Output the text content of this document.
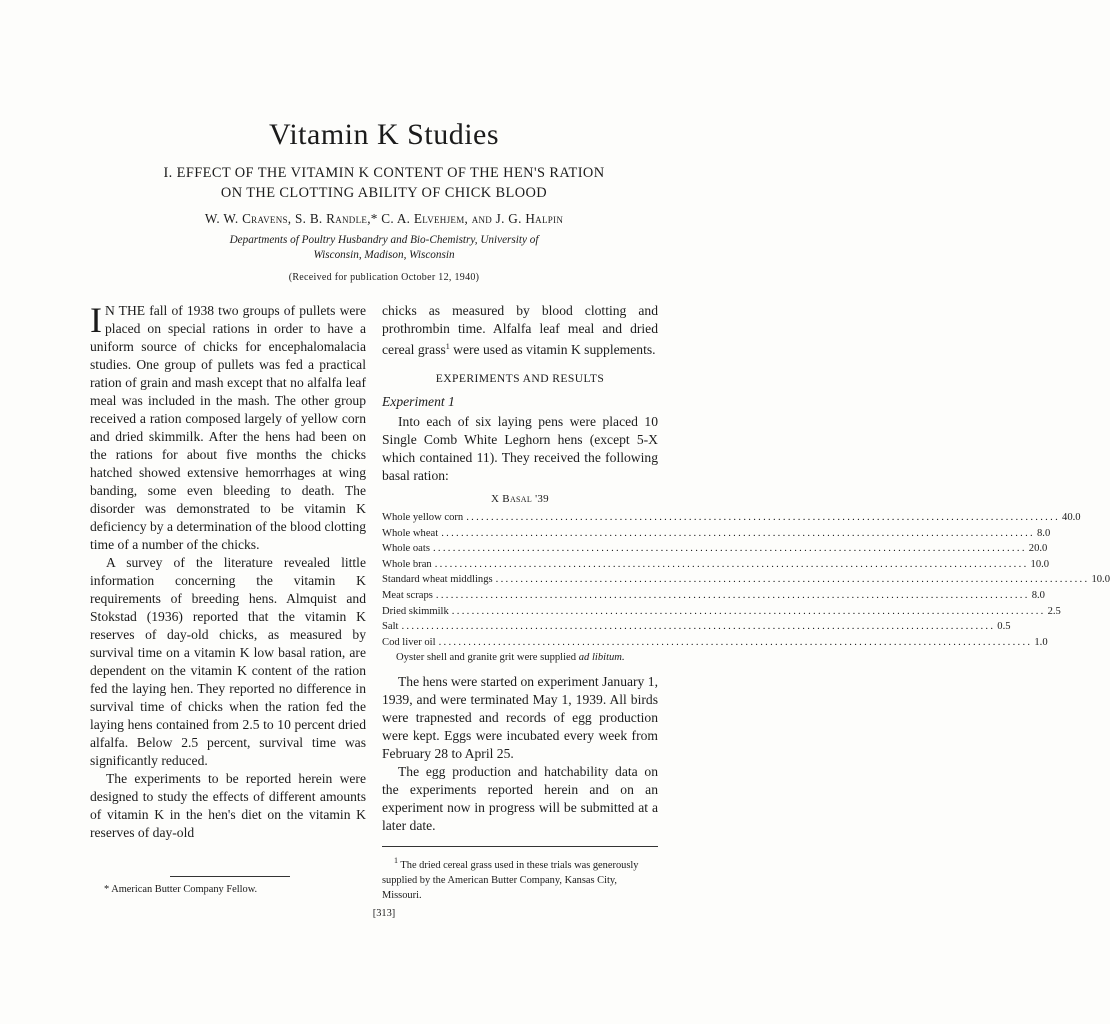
Vitamin K Studies
I. EFFECT OF THE VITAMIN K CONTENT OF THE HEN'S RATION
ON THE CLOTTING ABILITY OF CHICK BLOOD
W. W. Cravens, S. B. Randle,* C. A. Elvehjem, and J. G. Halpin
Departments of Poultry Husbandry and Bio-Chemistry, University of
Wisconsin, Madison, Wisconsin
(Received for publication October 12, 1940)

I N THE fall of 1938 two groups of pullets were placed on special rations in order to have a uniform source of chicks for encephalomalacia studies. One group of pullets was fed a practical ration of grain and mash except that no alfalfa leaf meal was included in the mash. The other group received a ration composed largely of yellow corn and dried skimmilk. After the hens had been on the rations for about five months the chicks hatched showed extensive hemorrhages at wing banding, some even bleeding to death. The disorder was demonstrated to be vitamin K deficiency by a determination of the blood clotting time of a number of the chicks.

A survey of the literature revealed little information concerning the vitamin K requirements of breeding hens. Almquist and Stokstad (1936) reported that the vitamin K reserves of day-old chicks, as measured by survival time on a vitamin K low basal ration, are dependent on the vitamin K content of the ration fed the laying hen. They reported no difference in survival time of chicks when the ration fed the laying hens contained from 2.5 to 10 percent dried alfalfa. Below 2.5 percent, survival time was significantly reduced.

The experiments to be reported herein were designed to study the effects of different amounts of vitamin K in the hen's diet on the vitamin K reserves of day-old

chicks as measured by blood clotting and prothrombin time. Alfalfa leaf meal and dried cereal grass$^1$ were used as vitamin K supplements.

EXPERIMENTS AND RESULTS
Experiment 1

Into each of six laying pens were placed 10 Single Comb White Leghorn hens (except 5-X which contained 11). They received the following basal ration:

X Basal '39
Whole yellow corn ........................................................................................................................ 40.0
Whole wheat ........................................................................................................................ 8.0
Whole oats ........................................................................................................................ 20.0
Whole bran ........................................................................................................................ 10.0
Standard wheat middlings ........................................................................................................................ 10.0
Meat scraps ........................................................................................................................ 8.0
Dried skimmilk ........................................................................................................................ 2.5
Salt ........................................................................................................................ 0.5
Cod liver oil ........................................................................................................................ 1.0
Oyster shell and granite grit were supplied ad libitum.

The hens were started on experiment January 1, 1939, and were terminated May 1, 1939. All birds were trapnested and records of egg production were kept. Eggs were incubated every week from February 28 to April 25.

The egg production and hatchability data on the experiments reported herein and on an experiment now in progress will be submitted at a later date.

* American Butter Company Fellow.
$^1$ The dried cereal grass used in these trials was generously supplied by the American Butter Company, Kansas City, Missouri.
[313]
